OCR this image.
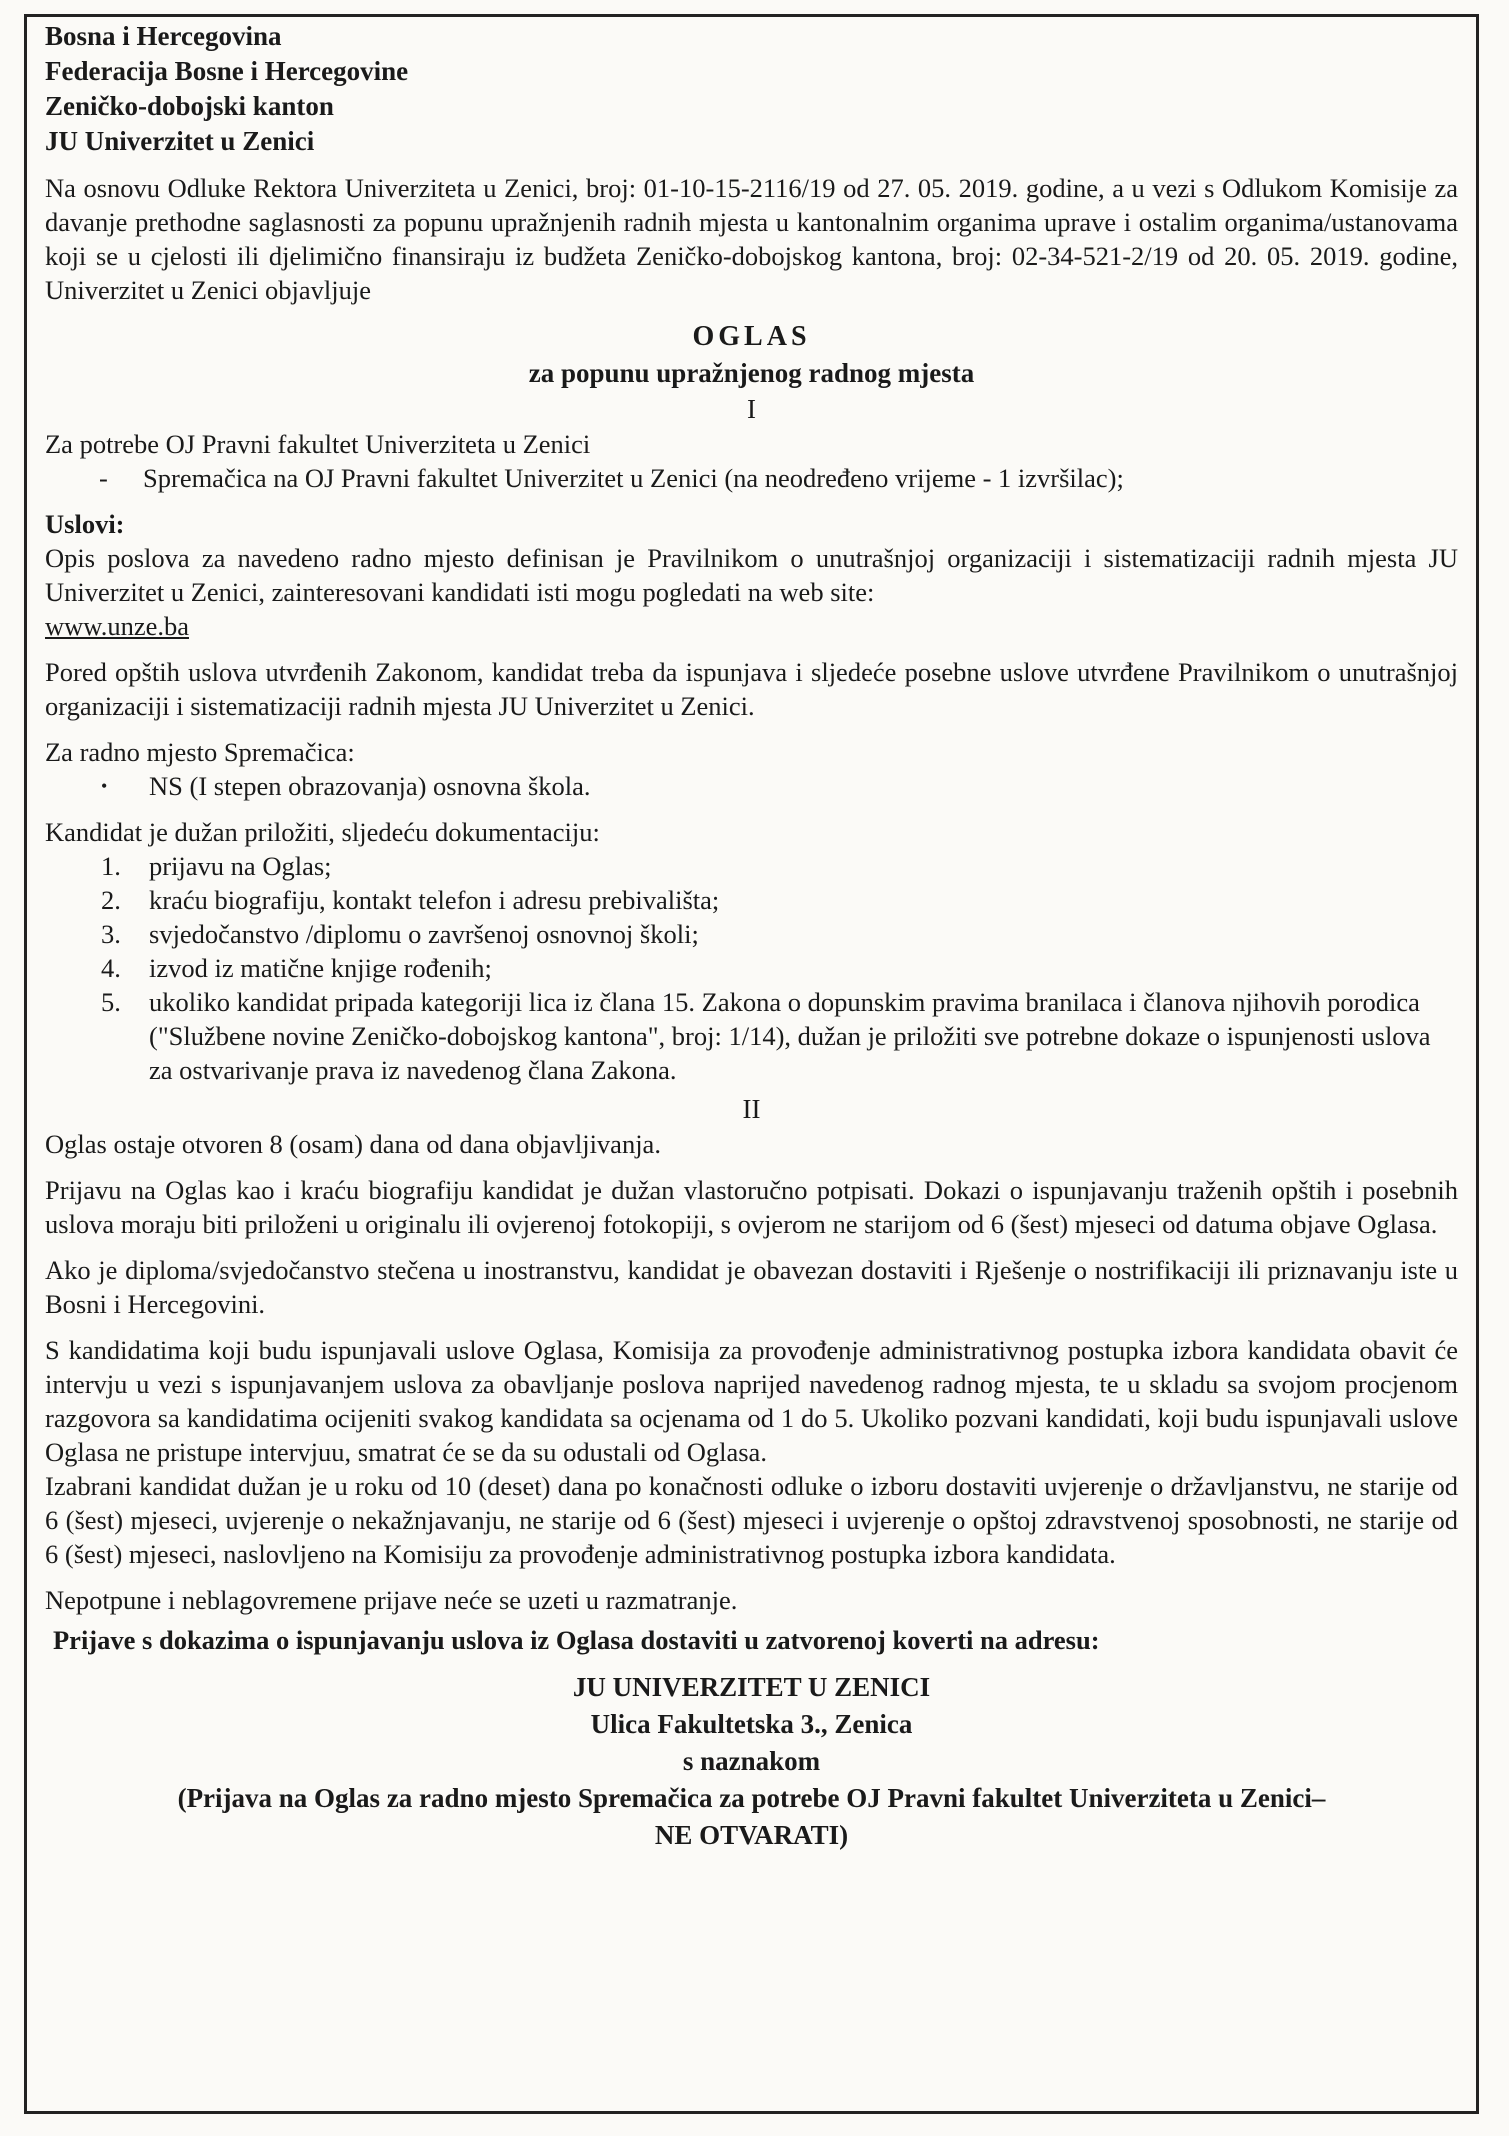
Bosna i Hercegovina
Federacija Bosne i Hercegovine
Zeničko-dobojski kanton
JU Univerzitet u Zenici

Na osnovu Odluke Rektora Univerziteta u Zenici, broj: 01-10-15-2116/19 od 27. 05. 2019. godine, a u vezi s Odlukom Komisije za davanje prethodne saglasnosti za popunu upražnjenih radnih mjesta u kantonalnim organima uprave i ostalim organima/ustanovama koji se u cjelosti ili djelimično finansiraju iz budžeta Zeničko-dobojskog kantona, broj: 02-34-521-2/19 od 20. 05. 2019. godine, Univerzitet u Zenici objavljuje

OGLAS
za popunu upražnjenog radnog mjesta
I

Za potrebe OJ Pravni fakultet Univerziteta u Zenici

-	Spremačica na OJ Pravni fakultet Univerzitet u Zenici (na neodređeno vrijeme - 1 izvršilac);
Uslovi:

Opis poslova za navedeno radno mjesto definisan je Pravilnikom o unutrašnjoj organizaciji i sistematizaciji radnih mjesta JU Univerzitet u Zenici, zainteresovani kandidati isti mogu pogledati na web site:

www.unze.ba

Pored opštih uslova utvrđenih Zakonom, kandidat treba da ispunjava i sljedeće posebne uslove utvrđene Pravilnikom o unutrašnjoj organizaciji i sistematizaciji radnih mjesta JU Univerzitet u Zenici.

Za radno mjesto Spremačica:

•	NS (I stepen obrazovanja) osnovna škola.

Kandidat je dužan priložiti, sljedeću dokumentaciju:

1.	prijavu na Oglas;
2.	kraću biografiju, kontakt telefon i adresu prebivališta;
3.	svjedočanstvo /diplomu o završenoj osnovnoj školi;
4.	izvod iz matične knjige rođenih;
5.	ukoliko kandidat pripada kategoriji lica iz člana 15. Zakona o dopunskim pravima branilaca i članova njihovih porodica ("Službene novine Zeničko-dobojskog kantona", broj: 1/14), dužan je priložiti sve potrebne dokaze o ispunjenosti uslova za ostvarivanje prava iz navedenog člana Zakona.
II

Oglas ostaje otvoren 8 (osam) dana od dana objavljivanja.

Prijavu na Oglas kao i kraću biografiju kandidat je dužan vlastoručno potpisati. Dokazi o ispunjavanju traženih opštih i posebnih uslova moraju biti priloženi u originalu ili ovjerenoj fotokopiji, s ovjerom ne starijom od 6 (šest) mjeseci od datuma objave Oglasa.

Ako je diploma/svjedočanstvo stečena u inostranstvu, kandidat je obavezan dostaviti i Rješenje o nostrifikaciji ili priznavanju iste u Bosni i Hercegovini.

S kandidatima koji budu ispunjavali uslove Oglasa, Komisija za provođenje administrativnog postupka izbora kandidata obavit će intervju u vezi s ispunjavanjem uslova za obavljanje poslova naprijed navedenog radnog mjesta, te u skladu sa svojom procjenom razgovora sa kandidatima ocijeniti svakog kandidata sa ocjenama od 1 do 5. Ukoliko pozvani kandidati, koji budu ispunjavali uslove Oglasa ne pristupe intervjuu, smatrat će se da su odustali od Oglasa.

Izabrani kandidat dužan je u roku od 10 (deset) dana po konačnosti odluke o izboru dostaviti uvjerenje o državljanstvu, ne starije od 6 (šest) mjeseci, uvjerenje o nekažnjavanju, ne starije od 6 (šest) mjeseci i uvjerenje o opštoj zdravstvenoj sposobnosti, ne starije od 6 (šest) mjeseci, naslovljeno na Komisiju za provođenje administrativnog postupka izbora kandidata.

Nepotpune i neblagovremene prijave neće se uzeti u razmatranje.

Prijave s dokazima o ispunjavanju uslova iz Oglasa dostaviti u zatvorenoj koverti na adresu:

JU UNIVERZITET U ZENICI
Ulica Fakultetska 3., Zenica
s naznakom
(Prijava na Oglas za radno mjesto Spremačica za potrebe OJ Pravni fakultet Univerziteta u Zenici–
NE OTVARATI)
